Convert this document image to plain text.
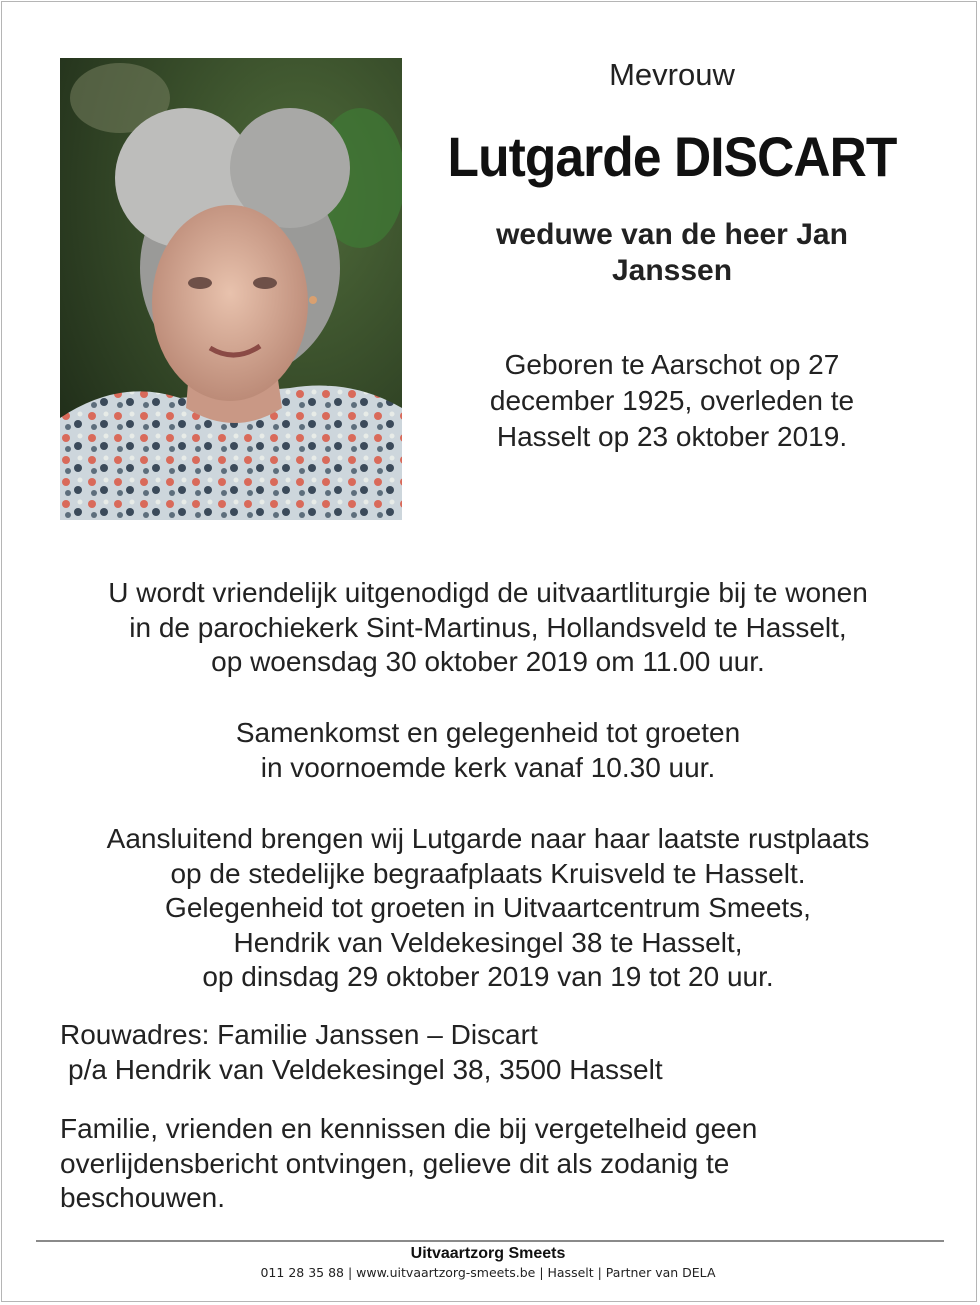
Mevrouw
Lutgarde DISCART
weduwe van de heer Jan Janssen
Geboren te Aarschot op 27 december 1925, overleden te Hasselt op 23 oktober 2019.
U wordt vriendelijk uitgenodigd de uitvaartliturgie bij te wonen
in de parochiekerk Sint-Martinus, Hollandsveld te Hasselt,
op woensdag 30 oktober 2019 om 11.00 uur.
Samenkomst en gelegenheid tot groeten
in voornoemde kerk vanaf 10.30 uur.
Aansluitend brengen wij Lutgarde naar haar laatste rustplaats
op de stedelijke begraafplaats Kruisveld te Hasselt.
Gelegenheid tot groeten in Uitvaartcentrum Smeets,
Hendrik van Veldekesingel 38 te Hasselt,
op dinsdag 29 oktober 2019 van 19 tot 20 uur.
Rouwadres: Familie Janssen – Discart
p/a Hendrik van Veldekesingel 38, 3500 Hasselt
Familie, vrienden en kennissen die bij vergetelheid geen overlijdensbericht ontvingen, gelieve dit als zodanig te beschouwen.
Uitvaartzorg Smeets
011 28 35 88 | www.uitvaartzorg-smeets.be | Hasselt | Partner van DELA
